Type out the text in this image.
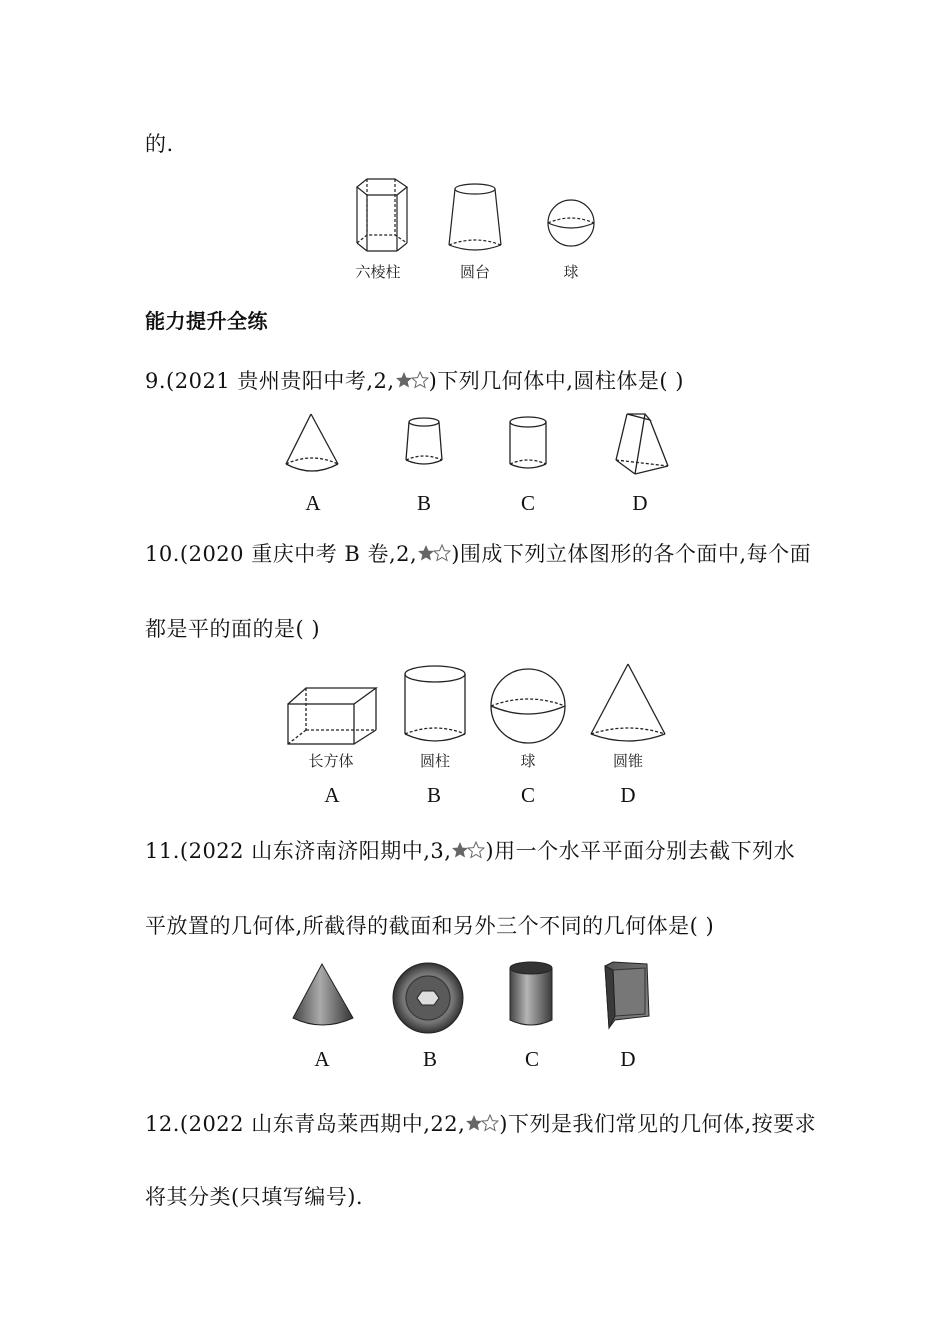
的.
六棱柱	圆台	球
能力提升全练
9.(2021 贵州贵阳中考,2, )下列几何体中,圆柱体是( )
A	B	C	D
10.(2020 重庆中考 B 卷,2, )围成下列立体图形的各个面中,每个面
都是平的面的是( )
长方体	圆柱	球	圆锥
A	B	C	D
11.(2022 山东济南济阳期中,3, )用一个水平平面分别去截下列水
平放置的几何体,所截得的截面和另外三个不同的几何体是( )
A	B	C	D
12.(2022 山东青岛莱西期中,22, )下列是我们常见的几何体,按要求
将其分类(只填写编号).
